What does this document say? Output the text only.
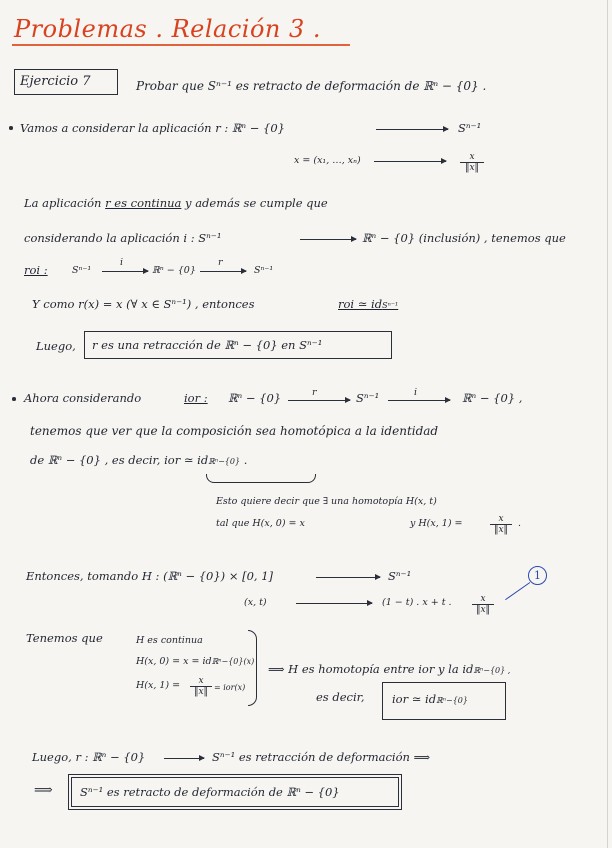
Problemas . Relación 3 .
Ejercicio 7	Probar que Sⁿ⁻¹ es retracto de deformación de ℝⁿ − {0} .
Vamos a considerar la aplicación r : ℝⁿ − {0}	Sⁿ⁻¹
x = (x₁, …, xₙ)	$\frac{x}{‖x‖}$
La aplicación r es continua y además se cumple que
considerando la aplicación i : Sⁿ⁻¹	ℝⁿ − {0} (inclusión) , tenemos que
roi :	Sⁿ⁻¹
i
ℝⁿ − {0}
r
Sⁿ⁻¹
Y como r(x) = x (∀ x ∈ Sⁿ⁻¹) , entonces	roi ≃ idSⁿ⁻¹
Luego, r es una retracción de ℝⁿ − {0} en Sⁿ⁻¹
Ahora considerando	ior : ℝⁿ − {0}	r	Sⁿ⁻¹	i	ℝⁿ − {0} ,
tenemos que ver que la composición sea homotópica a la identidad
de ℝⁿ − {0} , es decir, ior ≃ idℝⁿ−{0} .
Esto quiere decir que ∃ una homotopía H(x, t)
tal que H(x, 0) = x	y H(x, 1) =	$\frac{x}{‖x‖}$ .
Entonces, tomando H : (ℝⁿ − {0}) × [0, 1]	Sⁿ⁻¹	1
(x, t)	(1 − t) . x + t . $\frac{x}{‖x‖}$
Tenemos que	H es continua
H(x, 0) = x = idℝⁿ−{0}(x)
H(x, $1) = \frac{x}{‖x‖} = ior(x)$
⟹ H es homotopía entre ior y la idℝⁿ−{0} ,
es decir, ior ≃ idℝⁿ−{0}
Luego, r : ℝⁿ − {0}	Sⁿ⁻¹ es retracción de deformación ⟹
⟹ Sⁿ⁻¹ es retracto de deformación de ℝⁿ − {0}
